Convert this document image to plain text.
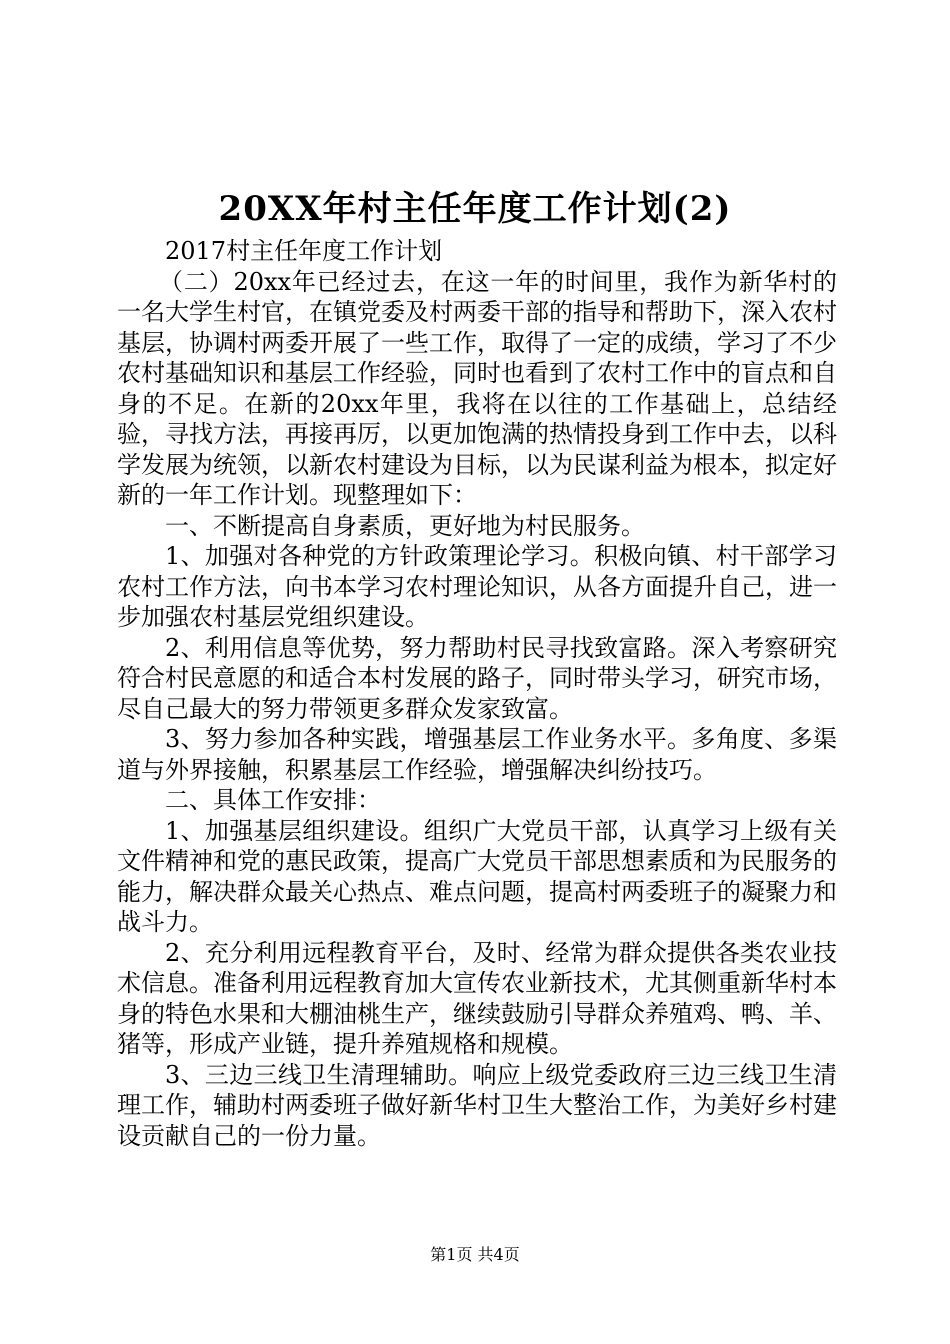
20XX年村主任年度工作计划(2)

2017村主任年度工作计划

（二）20xx年已经过去，在这一年的时间里，我作为新华村的一名大学生村官，在镇党委及村两委干部的指导和帮助下，深入农村基层，协调村两委开展了一些工作，取得了一定的成绩，学习了不少农村基础知识和基层工作经验，同时也看到了农村工作中的盲点和自身的不足。在新的20xx年里，我将在以往的工作基础上，总结经验，寻找方法，再接再厉，以更加饱满的热情投身到工作中去，以科学发展为统领，以新农村建设为目标，以为民谋利益为根本，拟定好新的一年工作计划。现整理如下：

一、不断提高自身素质，更好地为村民服务。

1、加强对各种党的方针政策理论学习。积极向镇、村干部学习农村工作方法，向书本学习农村理论知识，从各方面提升自己，进一步加强农村基层党组织建设。

2、利用信息等优势，努力帮助村民寻找致富路。深入考察研究符合村民意愿的和适合本村发展的路子，同时带头学习，研究市场，尽自己最大的努力带领更多群众发家致富。

3、努力参加各种实践，增强基层工作业务水平。多角度、多渠道与外界接触，积累基层工作经验，增强解决纠纷技巧。

二、具体工作安排：

1、加强基层组织建设。组织广大党员干部，认真学习上级有关文件精神和党的惠民政策，提高广大党员干部思想素质和为民服务的能力，解决群众最关心热点、难点问题，提高村两委班子的凝聚力和战斗力。

2、充分利用远程教育平台，及时、经常为群众提供各类农业技术信息。准备利用远程教育加大宣传农业新技术，尤其侧重新华村本身的特色水果和大棚油桃生产，继续鼓励引导群众养殖鸡、鸭、羊、猪等，形成产业链，提升养殖规格和规模。

3、三边三线卫生清理辅助。响应上级党委政府三边三线卫生清理工作，辅助村两委班子做好新华村卫生大整治工作，为美好乡村建设贡献自己的一份力量。

第1页 共4页
